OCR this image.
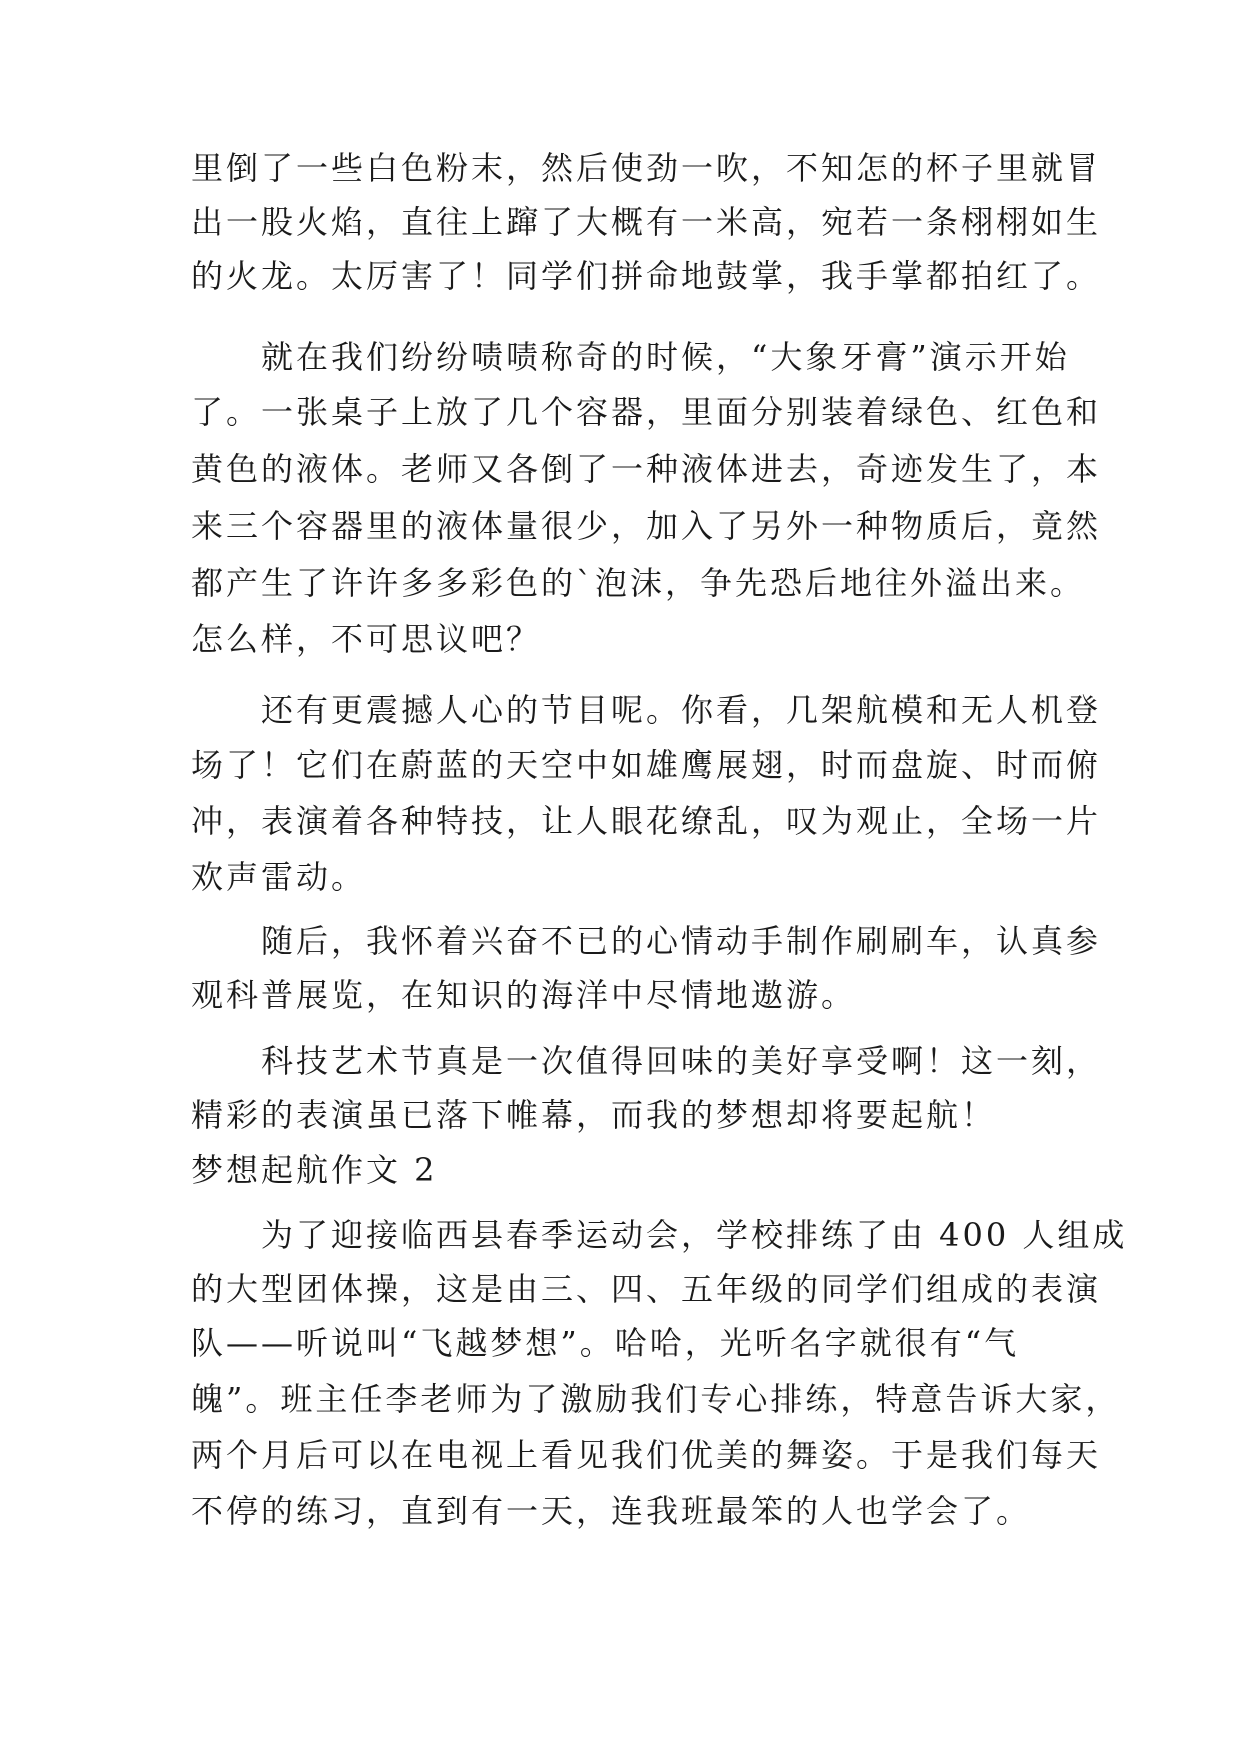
里倒了一些白色粉末，然后使劲一吹，不知怎的杯子里就冒

出一股火焰，直往上蹿了大概有一米高，宛若一条栩栩如生

的火龙。太厉害了！同学们拼命地鼓掌，我手掌都拍红了。

　　就在我们纷纷啧啧称奇的时候，“大象牙膏”演示开始

了。一张桌子上放了几个容器，里面分别装着绿色、红色和

黄色的液体。老师又各倒了一种液体进去，奇迹发生了，本

来三个容器里的液体量很少，加入了另外一种物质后，竟然

都产生了许许多多彩色的`泡沫，争先恐后地往外溢出来。

怎么样，不可思议吧？

　　还有更震撼人心的节目呢。你看，几架航模和无人机登

场了！它们在蔚蓝的天空中如雄鹰展翅，时而盘旋、时而俯

冲，表演着各种特技，让人眼花缭乱，叹为观止，全场一片

欢声雷动。

　　随后，我怀着兴奋不已的心情动手制作刷刷车，认真参

观科普展览，在知识的海洋中尽情地遨游。

　　科技艺术节真是一次值得回味的美好享受啊！这一刻，

精彩的表演虽已落下帷幕，而我的梦想却将要起航！

梦想起航作文 2

　　为了迎接临西县春季运动会，学校排练了由 400 人组成

的大型团体操，这是由三、四、五年级的同学们组成的表演

队——听说叫“飞越梦想”。哈哈，光听名字就很有“气

魄”。班主任李老师为了激励我们专心排练，特意告诉大家，

两个月后可以在电视上看见我们优美的舞姿。于是我们每天

不停的练习，直到有一天，连我班最笨的人也学会了。
